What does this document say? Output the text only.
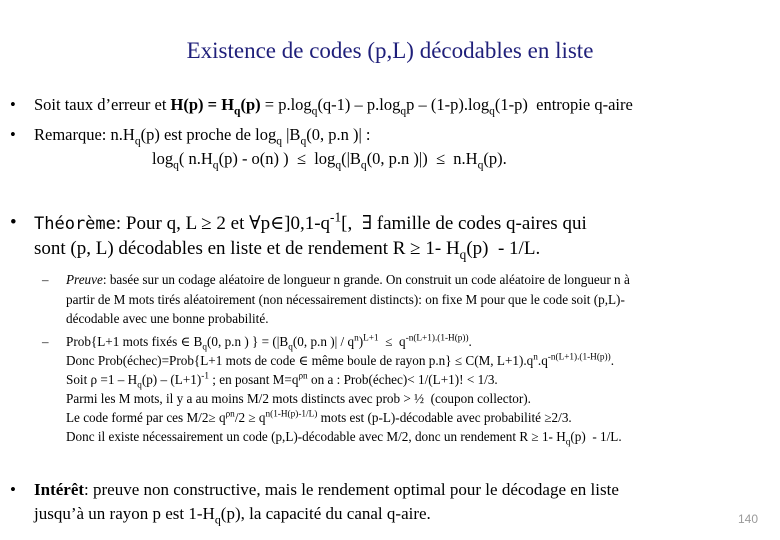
Existence de codes (p,L) décodables en liste
• Soit taux d’erreur et $H(p) = H_q(p) = p.\log_q(q-1) - p.\log_qp - (1-p).\log_q(1-p)$  entropie q-aire
• Remarque: $n.H_q(p)$ est proche de $\log_q |B_q(0$, p.n )| :
$\log_q$( $n.H_q(p) - o(n)$ )  ≤  $\log_q(|B_q(0$, p.n )|)  ≤  $n.H_q(p)$.
• Théorème: Pour q, L ≥ 2 et $\forall p\in]0,1-q^{-1}$[,  ∃ famille de codes q-aires qui
sont (p, L) décodables en liste et de rendement R ≥ 1- $H_q(p) - 1/L$.
– Preuve: basée sur un codage aléatoire de longueur n grande. On construit un code aléatoire de longueur n à
partir de M mots tirés aléatoirement (non nécessairement distincts): on fixe M pour que le code soit (p,L)-
décodable avec une bonne probabilité.
– Prob{L+1 mots fixés ∈ $B_q(0$, p.n ) } = ($|B_q(0$, p.n )| / $q^n)^{L+1} \le q^{-n(L+1).(1-H(p))}$.
Donc Prob(échec)=Prob{L+1 mots de code ∈ même boule de rayon p.n} ≤ C(M, $L+1).q^n.q^{-n(L+1).(1-H(p))}$.
Soit $\rho =1 - H_q(p) - (L+1)^{-1}$ ; en posant $M=q^{\rho n}$ on a : Prob(échec)< 1/(L+1)! < 1/3.
Parmi les M mots, il y a au moins M/2 mots distincts avec prob > ½  (coupon collector).
Le code formé par ces $M/2\ge q^{\rho n}/2 \ge q^{n(1-H(p)-1/L)}$ mots est (p-L)-décodable avec probabilité ≥2/3.
Donc il existe nécessairement un code (p,L)-décodable avec M/2, donc un rendement R ≥ 1- $H_q(p) - 1/L$.
• Intérêt: preuve non constructive, mais le rendement optimal pour le décodage en liste
jusqu’à un rayon p est $1-H_q(p)$, la capacité du canal q-aire.	140
